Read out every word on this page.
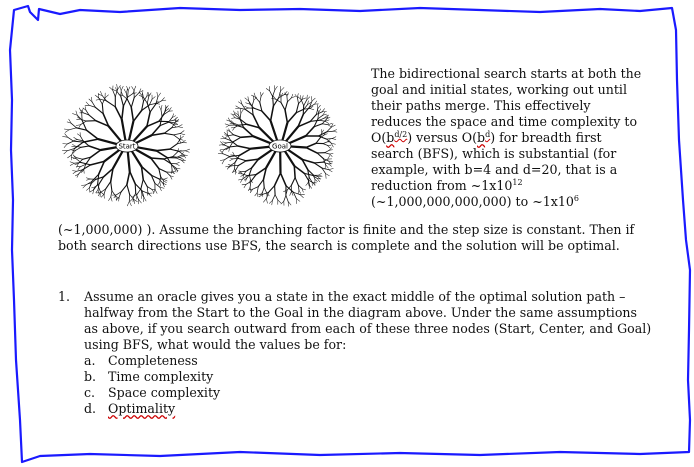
Start	Goal
The bidirectional search starts at both the
goal and initial states, working out until
their paths merge. This effectively
reduces the space and time complexity to
$O(b^{d/2})$ versus $O(b^d)$ for breadth first
search (BFS), which is substantial (for
example, with b=4 and d=20, that is a
reduction from $\sim 1x10^{12}$
(~1,000,000,000,000) to $\sim 1x10^6$
(~1,000,000) ). Assume the branching factor is finite and the step size is constant. Then if
both search directions use BFS, the search is complete and the solution will be optimal.
1. Assume an oracle gives you a state in the exact middle of the optimal solution path –
halfway from the Start to the Goal in the diagram above. Under the same assumptions
as above, if you search outward from each of these three nodes (Start, Center, and Goal)
using BFS, what would the values be for:
a. Completeness
b. Time complexity
c. Space complexity
d. Optimality
